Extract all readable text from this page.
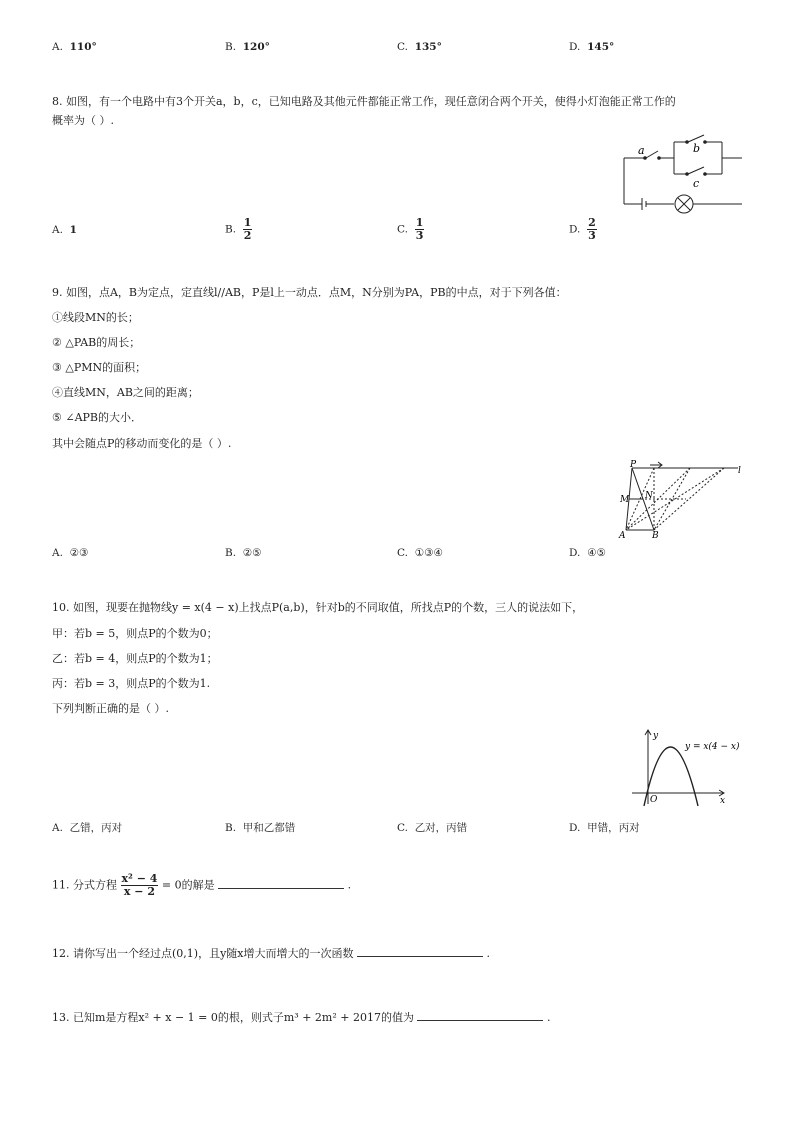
A. 110°	B. 120°	C. 135°	D. 145°
8. 如图，有一个电路中有3个开关a，b，c，已知电路及其他元件都能正常工作，现任意闭合两个开关，使得小灯泡能正常工作的
概率为（ ）.
a	b
c
A. 1	B. $\frac{1}{2}$	C. $\frac{1}{3}$	D. $\frac{2}{3}$
9. 如图，点A，B为定点，定直线l//AB，P是l上一动点．点M，N分别为PA，PB的中点，对于下列各值：
①线段MN的长；
② △PAB的周长；
③ △PMN的面积；
④直线MN，AB之间的距离；
⑤ ∠APB的大小．
其中会随点P的移动而变化的是（ ）.
P
l
M N
A	B
A. ②③	B. ②⑤	C. ①③④	D. ④⑤
10. 如图，现要在抛物线y = x(4 − x)上找点P(a,b)，针对b的不同取值，所找点P的个数，三人的说法如下，
甲：若b = 5，则点P的个数为0；
乙：若b = 4，则点P的个数为1；
丙：若b = 3，则点P的个数为1.
下列判断正确的是（ ）.
y
x
O
y = x(4 − x)
A. 乙错，丙对	B. 甲和乙都错	C. 乙对，丙错	D. 甲错，丙对
11. 分式方程 $\frac{\text{x² − 4}}{x - 2} = 0$的解是	.
12. 请你写出一个经过点(0,1)，且y随x增大而增大的一次函数	.
13. 已知m是方程x² + x − 1 = 0的根，则式子m³ + 2m² + 2017的值为	.
